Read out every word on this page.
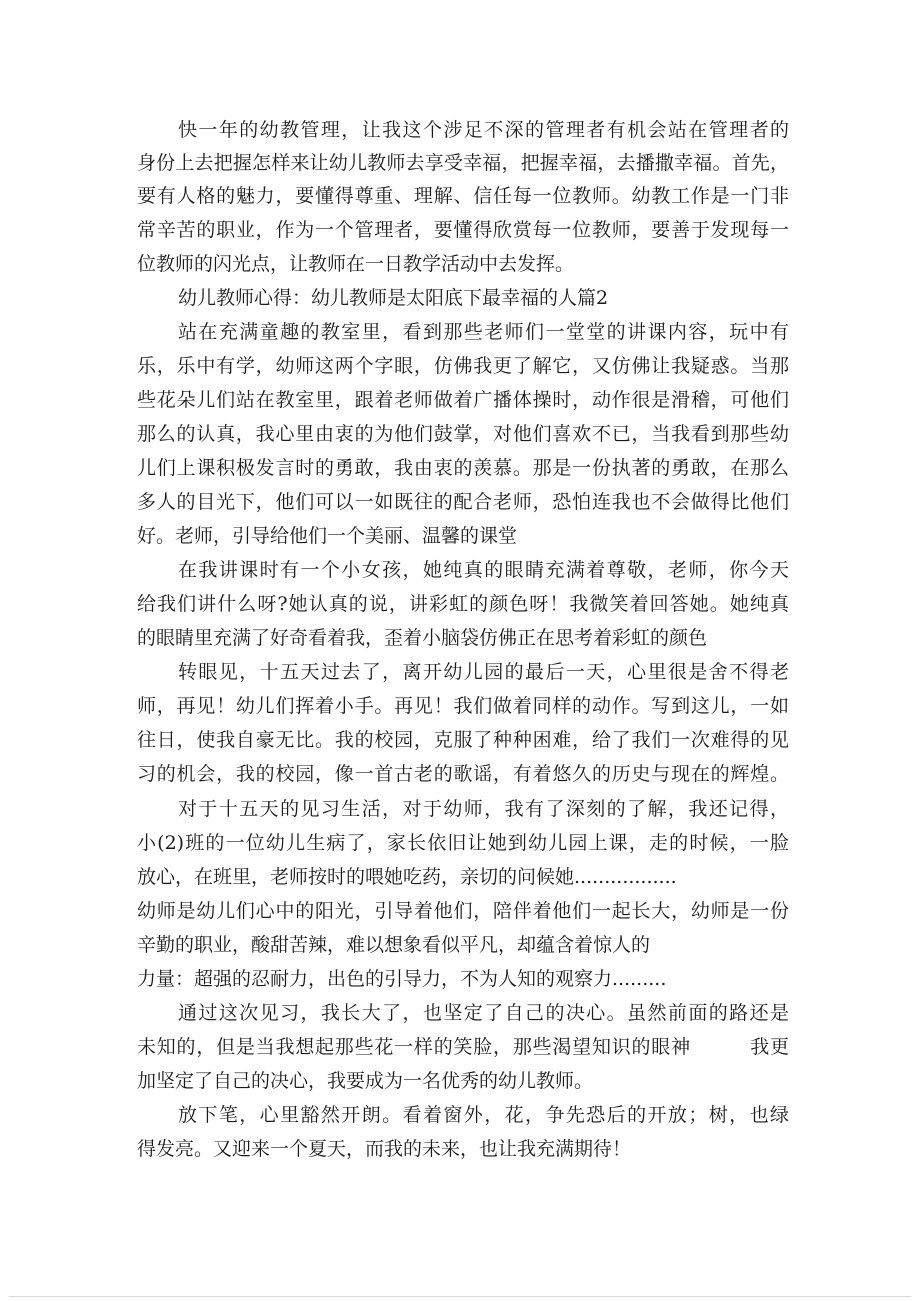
快一年的幼教管理，让我这个涉足不深的管理者有机会站在管理者的
身份上去把握怎样来让幼儿教师去享受幸福，把握幸福，去播撒幸福。首先，
要有人格的魅力，要懂得尊重、理解、信任每一位教师。幼教工作是一门非
常辛苦的职业，作为一个管理者，要懂得欣赏每一位教师，要善于发现每一
位教师的闪光点，让教师在一日教学活动中去发挥。
幼儿教师心得：幼儿教师是太阳底下最幸福的人篇2
站在充满童趣的教室里，看到那些老师们一堂堂的讲课内容，玩中有
乐，乐中有学，幼师这两个字眼，仿佛我更了解它，又仿佛让我疑惑。当那
些花朵儿们站在教室里，跟着老师做着广播体操时，动作很是滑稽，可他们
那么的认真，我心里由衷的为他们鼓掌，对他们喜欢不已，当我看到那些幼
儿们上课积极发言时的勇敢，我由衷的羡慕。那是一份执著的勇敢，在那么
多人的目光下，他们可以一如既往的配合老师，恐怕连我也不会做得比他们
好。老师，引导给他们一个美丽、温馨的课堂
在我讲课时有一个小女孩，她纯真的眼睛充满着尊敬，老师，你今天
给我们讲什么呀?她认真的说，讲彩虹的颜色呀！我微笑着回答她。她纯真
的眼睛里充满了好奇看着我，歪着小脑袋仿佛正在思考着彩虹的颜色
转眼见，十五天过去了，离开幼儿园的最后一天，心里很是舍不得老
师，再见！幼儿们挥着小手。再见！我们做着同样的动作。写到这儿，一如
往日，使我自豪无比。我的校园，克服了种种困难，给了我们一次难得的见
习的机会，我的校园，像一首古老的歌谣，有着悠久的历史与现在的辉煌。
对于十五天的见习生活，对于幼师，我有了深刻的了解，我还记得，
小(2)班的一位幼儿生病了，家长依旧让她到幼儿园上课，走的时候，一脸
放心，在班里，老师按时的喂她吃药，亲切的问候她.................
幼师是幼儿们心中的阳光，引导着他们，陪伴着他们一起长大，幼师是一份
辛勤的职业，酸甜苦辣，难以想象看似平凡，却蕴含着惊人的
力量：超强的忍耐力，出色的引导力，不为人知的观察力.........
通过这次见习，我长大了，也坚定了自己的决心。虽然前面的路还是
未知的，但是当我想起那些花一样的笑脸，那些渴望知识的眼神　　　我更
加坚定了自己的决心，我要成为一名优秀的幼儿教师。
放下笔，心里豁然开朗。看着窗外，花，争先恐后的开放；树，也绿
得发亮。又迎来一个夏天，而我的未来，也让我充满期待！
